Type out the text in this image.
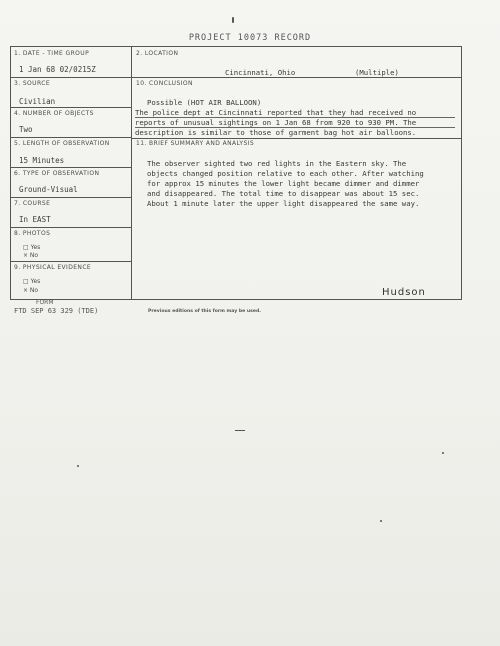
PROJECT 10073 RECORD
1. DATE - TIME GROUP
1 Jan 68 02/0215Z
3. SOURCE
Civilian
4. NUMBER OF OBJECTS
Two
5. LENGTH OF OBSERVATION
15 Minutes
6. TYPE OF OBSERVATION
Ground-Visual
7. COURSE
In EAST
8. PHOTOS
□ Yes
× No
9. PHYSICAL EVIDENCE
□ Yes
× No
2. LOCATION
Cincinnati, Ohio	(Multiple)
10. CONCLUSION
Possible (HOT AIR BALLOON)
The police dept at Cincinnati reported that they had received no
reports of unusual sightings on 1 Jan 68 from 920 to 930 PM. The
description is similar to those of garment bag hot air balloons.
11. BRIEF SUMMARY AND ANALYSIS
The observer sighted two red lights in the Eastern sky. The
objects changed position relative to each other. After watching
for approx 15 minutes the lower light became dimmer and dimmer
and disappeared. The total time to disappear was about 15 sec.
About 1 minute later the upper light disappeared the same way.
Hudson
FORM
FTD SEP 63 329 (TDE)	Previous editions of this form may be used.
